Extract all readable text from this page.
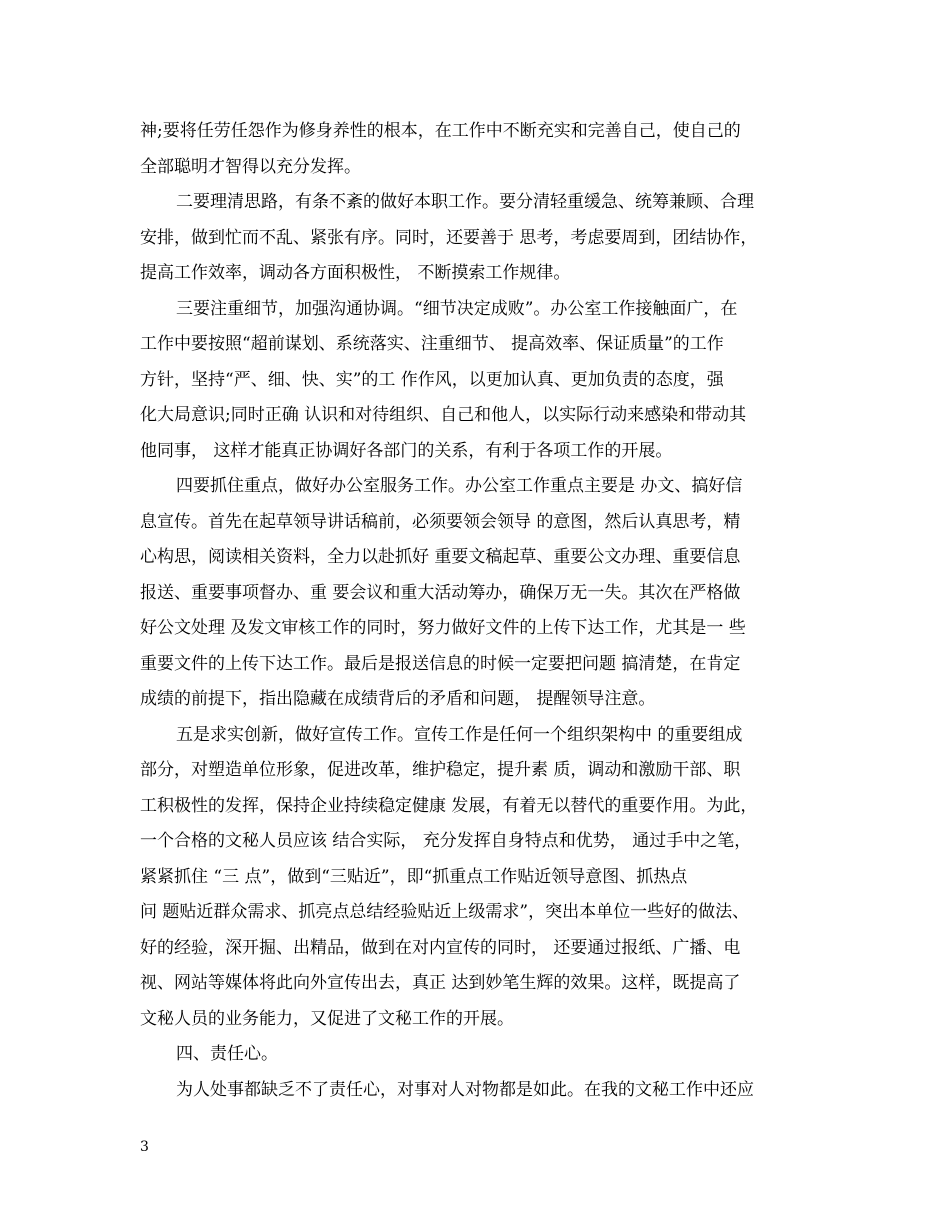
神;要将任劳任怨作为修身养性的根本，在工作中不断充实和完善自己，使自己的
全部聪明才智得以充分发挥。
二要理清思路，有条不紊的做好本职工作。要分清轻重缓急、统筹兼顾、合理
安排，做到忙而不乱、紧张有序。同时，还要善于 思考，考虑要周到，团结协作，
提高工作效率，调动各方面积极性， 不断摸索工作规律。
三要注重细节，加强沟通协调。“细节决定成败”。办公室工作接触面广，在
工作中要按照“超前谋划、系统落实、注重细节、 提高效率、保证质量”的工作
方针，坚持“严、细、快、实”的工 作作风，以更加认真、更加负责的态度，强
化大局意识;同时正确 认识和对待组织、自己和他人，以实际行动来感染和带动其
他同事， 这样才能真正协调好各部门的关系，有利于各项工作的开展。
四要抓住重点，做好办公室服务工作。办公室工作重点主要是 办文、搞好信
息宣传。首先在起草领导讲话稿前，必须要领会领导 的意图，然后认真思考，精
心构思，阅读相关资料，全力以赴抓好 重要文稿起草、重要公文办理、重要信息
报送、重要事项督办、重 要会议和重大活动筹办，确保万无一失。其次在严格做
好公文处理 及发文审核工作的同时，努力做好文件的上传下达工作，尤其是一 些
重要文件的上传下达工作。最后是报送信息的时候一定要把问题 搞清楚，在肯定
成绩的前提下，指出隐藏在成绩背后的矛盾和问题， 提醒领导注意。
五是求实创新，做好宣传工作。宣传工作是任何一个组织架构中 的重要组成
部分，对塑造单位形象，促进改革，维护稳定，提升素 质，调动和激励干部、职
工积极性的发挥，保持企业持续稳定健康 发展，有着无以替代的重要作用。为此，
一个合格的文秘人员应该 结合实际， 充分发挥自身特点和优势， 通过手中之笔，
紧紧抓住 “三 点”，做到“三贴近”，即“抓重点工作贴近领导意图、抓热点
问 题贴近群众需求、抓亮点总结经验贴近上级需求”，突出本单位一些好的做法、
好的经验，深开掘、出精品，做到在对内宣传的同时， 还要通过报纸、广播、电
视、网站等媒体将此向外宣传出去，真正 达到妙笔生辉的效果。这样，既提高了
文秘人员的业务能力，又促进了文秘工作的开展。
四、责任心。
为人处事都缺乏不了责任心，对事对人对物都是如此。在我的文秘工作中还应
3
